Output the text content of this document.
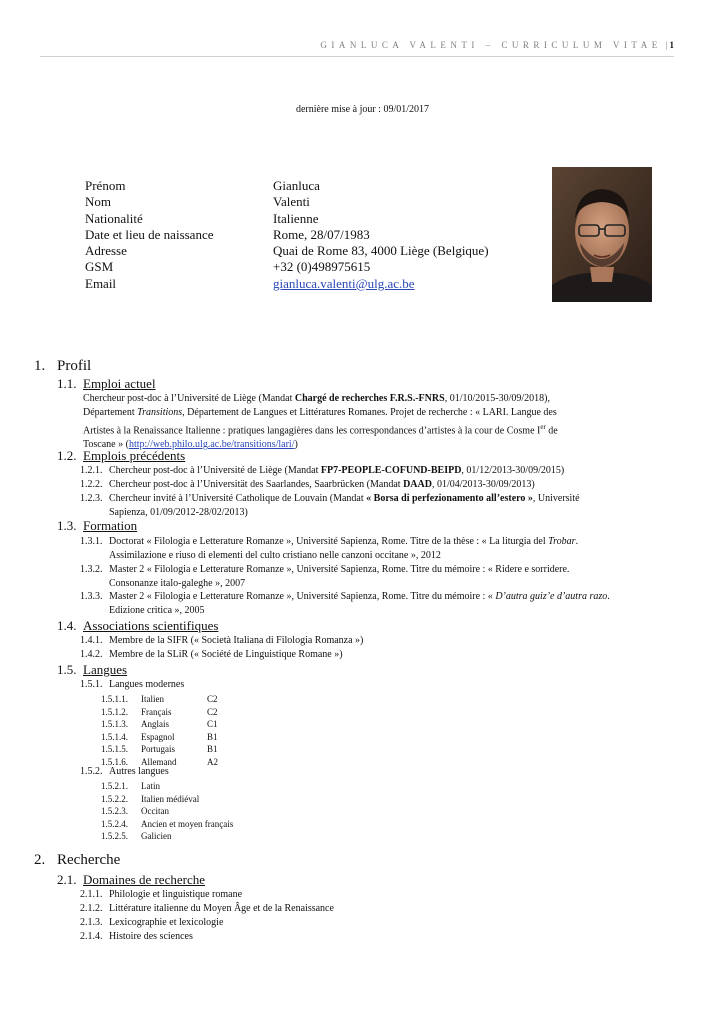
GIANLUCA VALENTI – CURRICULUM VITAE | 1
dernière mise à jour : 09/01/2017
Prénom	Gianluca
Nom	Valenti
Nationalité	Italienne
Date et lieu de naissance	Rome, 28/07/1983
Adresse	Quai de Rome 83, 4000 Liège (Belgique)
GSM	+32 (0)498975615
Email	gianluca.valenti@ulg.ac.be
1. Profil
1.1. Emploi actuel
Chercheur post-doc à l’Université de Liège (Mandat Chargé de recherches F.R.S.-FNRS, 01/10/2015-30/09/2018),
Département Transitions, Département de Langues et Littératures Romanes. Projet de recherche : « LARI. Langue des
Artistes à la Renaissance Italienne : pratiques langagières dans les correspondances d’artistes à la cour de Cosme Ier de
Toscane » (http://web.philo.ulg.ac.be/transitions/lari/)
1.2. Emplois précédents
1.2.1. Chercheur post-doc à l’Université de Liège (Mandat FP7-PEOPLE-COFUND-BEIPD, 01/12/2013-30/09/2015)
1.2.2. Chercheur post-doc à l’Universität des Saarlandes, Saarbrücken (Mandat DAAD, 01/04/2013-30/09/2013)
1.2.3. Chercheur invité à l’Université Catholique de Louvain (Mandat « Borsa di perfezionamento all’estero », Université
Sapienza, 01/09/2012-28/02/2013)
1.3. Formation
1.3.1. Doctorat « Filologia e Letterature Romanze », Université Sapienza, Rome. Titre de la thèse : « La liturgia del Trobar.
Assimilazione e riuso di elementi del culto cristiano nelle canzoni occitane », 2012
1.3.2. Master 2 « Filologia e Letterature Romanze », Université Sapienza, Rome. Titre du mémoire : « Ridere e sorridere.
Consonanze italo-galeghe », 2007
1.3.3. Master 2 « Filologia e Letterature Romanze », Université Sapienza, Rome. Titre du mémoire : « D’autra guiz’e d’autra razo.
Edizione critica », 2005
1.4. Associations scientifiques
1.4.1. Membre de la SIFR (« Società Italiana di Filologia Romanza »)
1.4.2. Membre de la SLiR (« Société de Linguistique Romane »)
1.5. Langues
1.5.1. Langues modernes
1.5.1.1. Italien	C2
1.5.1.2. Français	C2
1.5.1.3. Anglais	C1
1.5.1.4. Espagnol	B1
1.5.1.5. Portugais	B1
1.5.1.6. Allemand	A2
1.5.2. Autres langues
1.5.2.1. Latin
1.5.2.2. Italien médiéval
1.5.2.3. Occitan
1.5.2.4. Ancien et moyen français
1.5.2.5. Galicien
2. Recherche
2.1. Domaines de recherche
2.1.1. Philologie et linguistique romane
2.1.2. Littérature italienne du Moyen Âge et de la Renaissance
2.1.3. Lexicographie et lexicologie
2.1.4. Histoire des sciences
